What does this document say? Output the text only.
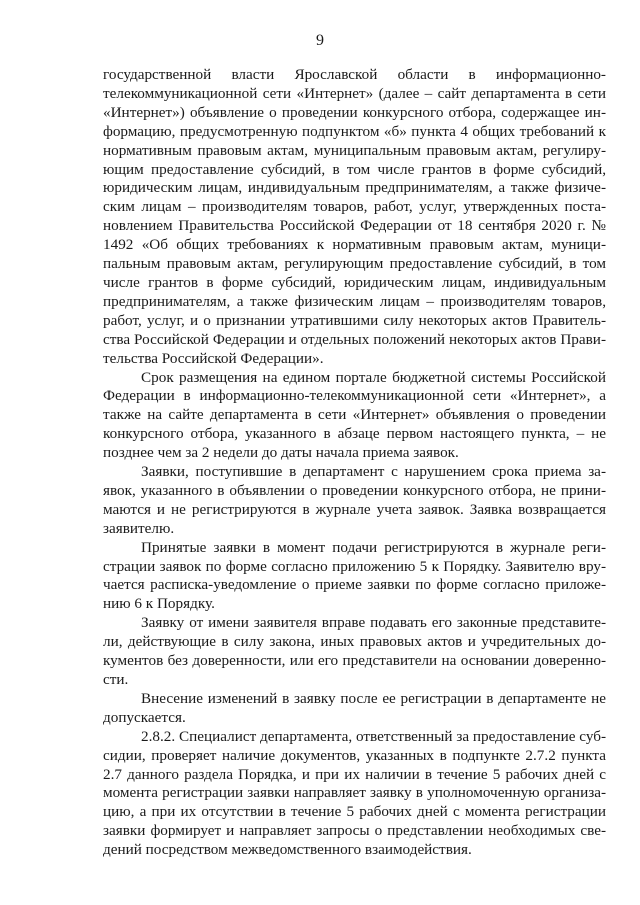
9

государственной власти Ярославской области в информационно-телекоммуникационной сети «Интернет» (далее – сайт департамента в сети «Интернет») объявление о проведении конкурсного отбора, содержащее информацию, предусмотренную подпунктом «б» пункта 4 общих требований к нормативным правовым актам, муниципальным правовым актам, регулирующим предоставление субсидий, в том числе грантов в форме субсидий, юридическим лицам, индивидуальным предпринимателям, а также физическим лицам – производителям товаров, работ, услуг, утвержденных постановлением Правительства Российской Федерации от 18 сентября 2020 г. № 1492 «Об общих требованиях к нормативным правовым актам, муниципальным правовым актам, регулирующим предоставление субсидий, в том числе грантов в форме субсидий, юридическим лицам, индивидуальным предпринимателям, а также физическим лицам – производителям товаров, работ, услуг, и о признании утратившими силу некоторых актов Правительства Российской Федерации и отдельных положений некоторых актов Правительства Российской Федерации».

Срок размещения на едином портале бюджетной системы Российской Федерации в информационно-телекоммуникационной сети «Интернет», а также на сайте департамента в сети «Интернет» объявления о проведении конкурсного отбора, указанного в абзаце первом настоящего пункта, – не позднее чем за 2 недели до даты начала приема заявок.

Заявки, поступившие в департамент с нарушением срока приема заявок, указанного в объявлении о проведении конкурсного отбора, не принимаются и не регистрируются в журнале учета заявок. Заявка возвращается заявителю.

Принятые заявки в момент подачи регистрируются в журнале регистрации заявок по форме согласно приложению 5 к Порядку. Заявителю вручается расписка-уведомление о приеме заявки по форме согласно приложению 6 к Порядку.

Заявку от имени заявителя вправе подавать его законные представители, действующие в силу закона, иных правовых актов и учредительных документов без доверенности, или его представители на основании доверенности.

Внесение изменений в заявку после ее регистрации в департаменте не допускается.

2.8.2. Специалист департамента, ответственный за предоставление субсидии, проверяет наличие документов, указанных в подпункте 2.7.2 пункта 2.7 данного раздела Порядка, и при их наличии в течение 5 рабочих дней с момента регистрации заявки направляет заявку в уполномоченную организацию, а при их отсутствии в течение 5 рабочих дней с момента регистрации заявки формирует и направляет запросы о представлении необходимых сведений посредством межведомственного взаимодействия.
